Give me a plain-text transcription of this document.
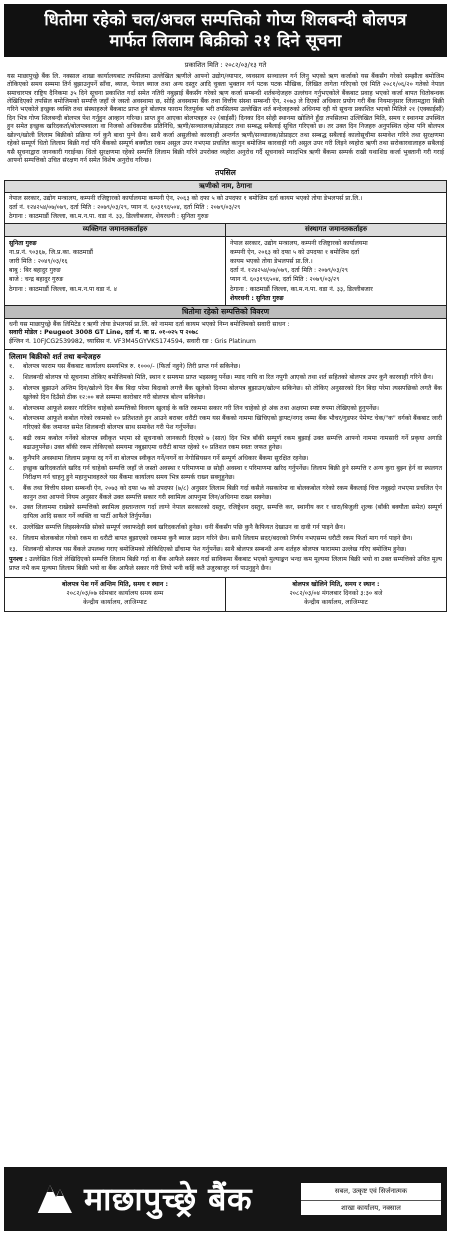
धितोमा रहेको चल/अचल सम्पत्तिको गोप्य शिलबन्दी बोलपत्र
मार्फत लिलाम बिक्रीको २१ दिने सूचना
प्रकाशित मिति : २०८२/०३/१३ गते
यस माछापुच्छ्रे बैंक लि. नक्साल शाखा कार्यालयबाट तपसिलमा उल्लेखित ऋणीले आफ्नो उद्योग/व्यापार, व्यवसाय सञ्चालन गर्न लिनु भएको ऋण कर्जाको यस बैंकसँग गरेको सम्झौता बमोजिम तोकिएको समय सम्ममा तिर्न बुझाउनुपर्ने साँवा, ब्याज, पेनाल ब्याज तथा अन्य दस्तुर आदि चुक्ता भुक्तान गर्न पटक पटक मौखिक, लिखित तागेता गरिएको एवं मिति २०८१/०६/२० गतेको नेपाल समाचारपत्र राष्ट्रिय दैनिकमा ३५ दिने सूचना प्रकाशित गर्दा समेत नतिरी नबुझाई बैंकसँग गरेको ऋण कर्जा सम्बन्धी शर्तबन्देजहरु उल्लंघन गर्नुभएकोले बैंकबाट प्रवाह भएको कर्जा बापत धितोबन्धक लेखिदिएको तपसिल बमोजिमको सम्पत्ति जहाँ जे जस्तो अवस्थामा छ, सोहि अवस्थामा बैंक तथा वित्तीय संस्था सम्बन्धी ऐन, २०७३ ले दिएको अधिकार प्रयोग गरी बैंक नियमानुसार लिलामद्वारा बिक्री गरिने भएकोले इच्छुक व्यक्ति तथा संस्थाहरुले बैंकबाट प्राप्त हुने बोलपत्र फाराम रितपूर्वक भरी तपसिलमा उल्लेखित शर्त बन्देजहरुको अधिनमा रही यो सूचना प्रकाशित भएको मितिले २१ (एक्काईसौं) दिन भित्र गोप्य शिलबन्दी बोलपत्र पेश गर्नुहुन आव्हान गरिन्छ। प्राप्त हुन आएका बोलपत्रहरु २२ (बाईसौं) दिनका दिन सोही स्थानमा खोलिने हुँदा तपसिलमा उल्लिखित मिति, समय र स्थानमा उपस्थित हुन समेत इच्छुक खरिदकर्ता/बोलपत्रवाला वा निजको अधिकारीक प्रतिनिधि, ऋणी/सञ्चालक/प्रोप्राइटर तथा सम्बद्ध सबैलाई सूचित गरिएको छ। तर उक्त दिन निजहरु अनुपस्थित रहेमा पनि बोलपत्र खोल्न/खोली लिलाम बिक्रीको प्रक्रिया गर्न कुनै बाधा पुग्ने छैन। साथै कर्जा असुलीको कारवाही अन्तर्गत ऋणी/सञ्चालक/प्रोप्राइटर तथा सम्बद्ध सबैलाई कालोसूचीमा समावेश गरिने तथा सुरक्षणमा रहेको सम्पूर्ण धितो लिलाम बिक्री गर्दा पनि बैंकको सम्पूर्ण बक्यौता रकम असुल उपर नभएमा प्रचलित कानुन बमोजिम कारवाही गरी असुल उपर गरी लिइने व्यहोरा ऋणी तथा सरोकारवालाहरु सबैलाई यसै सूचनाद्वारा जानकारी गराईन्छ। धितो सुरक्षणमा रहेको सम्पत्ति लिलाम बिक्री गरिने उपरोक्त व्यहोरा अनुरोध गर्दै सूचनाको म्यादभित्र ऋणी बैंकमा सम्पर्क राखी यथाशिघ्र कर्जा भुक्तानी गरी गराई आफ्नो सम्पत्तिको उचित संरक्षण गर्न समेत विशेष अनुरोध गरिन्छ।
तपसिल
ऋणीको नाम, ठेगाना
नेपाल सरकार, उद्योग मन्त्रालय, कम्पनी रजिष्ट्रारको कार्यालयमा कम्पनी ऐन, २०६३ को दफा ५ को उपदफा १ बमोजिम दर्ता कायम भएको तोया डेभलपर्स प्रा.लि.।
दर्ता नं. १२४२५४/०७/०७९, दर्ता मिति : २०७९/०३/२९, प्यान नं. ६०३१९६५०४, दर्ता मिति : २०७९/०३/२९
ठेगाना : काठमाडौं जिल्ला, का.म.न.पा. वडा नं. ३३, डिल्लीबजार, शेयरधनी : सुनिता गुरुङ
व्यक्तिगत जमानतकर्ताहरु
सुनिता गुरुङ
ना.प्र.नं. ९०३६७, जि.प्र.का. काठमाडौं
जारी मिति : २०४९/०३/१६
बाबु : बिर बहादुर गुरुङ
बाजे : चन्द्र बहादुर गुरुङ
ठेगाना : काठमाडौं जिल्ला, का.म.न.पा वडा नं. ४
संस्थागत जमानतकर्ताहरु
नेपाल सरकार, उद्योग मन्त्रालय, कम्पनी रजिष्ट्रारको कार्यालयमा
कम्पनी ऐन, २०६३ को दफा ५ को उपदफा १ बमोजिम दर्ता
कायम भएको तोया डेभलपर्स प्रा.लि.।
दर्ता नं. १२४२५४/०७/०७९, दर्ता मिति : २०७९/०३/२९
प्यान नं. ६०३१९६५०४, दर्ता मिति : २०७९/०३/२९
ठेगाना : काठमाडौं जिल्ला, का.म.न.पा. वडा नं. ३३, डिल्लीबजार
शेयरधनी : सुनिता गुरुङ
धितोमा रहेको सम्पत्तिको विवरण
धनी यस माछापुच्छ्रे बैंक लिमिटेड र ऋणी तोया डेभलपर्स प्रा.लि. को नाममा दर्ता कायम भएको निम्न बमोजिमको सवारी साधन :
सवारी मोडेल : Peugeot 3008 GT Line, दर्ता नं. बा प्र. ०१-०२५ प २०७८
ईन्जिन नं. 10FJCG2539982, च्यासिस नं. VF3M45GYVKS174594, सवारी रङ : Gris Platinum
लिलाम बिक्रीको शर्त तथा बन्देजहरु
१.	बोलपत्र फाराम यस बैंकबाट कार्यालय समयभित्र रु. १०००/- (फिर्ता नहुने) तिरी प्राप्त गर्न सकिनेछ।
२.	शिलबन्दी बोलपत्र यो सूचनामा तोकिए बमोजिमको मिति, स्थान र समयमा प्राप्त भइसक्नु पर्नेछ। म्याद नाघि वा रित नपुगी आएको तथा शर्त सहितको बोलपत्र उपर कुनै कारवाही गरिने छैन।
३.	बोलपत्र बुझाउने अन्तिम दिन/खोल्ने दिन बैंक बिदा परेमा बिदाको लगत्तै बैंक खुलेको दिनमा बोलपत्र बुझाउन/खोल्न सकिनेछ। सो तोकिए अनुसारको दिन बिदा परेमा त्यसपछिको लगतै बैंक खुलेको दिन दिउँसो ठीक १२:०० बजे सम्ममा कारोबार गरी बोलपत्र बोल्न सकिनेछ।
४.	बोलपत्रमा आफूले सकार गरिलिन चाहेको सम्पत्तिको विवरण खुलाई के कति रकममा सकार गरी लिन चाहेको हो अंक तथा अक्षरमा स्पष्ट रुपमा लेखिएको हुनुपर्नेछ।
५.	बोलपत्रमा आफूले कबोल गरेको रकमको १० प्रतिशतले हुन आउने बराबर धरौटी रकम यस बैंकको नाममा खिचिएको ड्राफ्ट/नगद जम्मा बैंक भौचर/गुडफर पेमेण्ट चेक/"क" वर्गको बैंकबाट जारी गरिएको बैंक जमानत समेत शिलबन्दी बोलपत्र साथ समावेश गरी पेश गर्नुपर्नेछ।
६.	बढी रकम कबोल गर्नेको बोलपत्र स्वीकृत भएमा सो सूचनाको जानकारी दिएको ७ (सात) दिन भित्र बाँकी सम्पूर्ण रकम बुझाई उक्त सम्पत्ति आफ्नो नाममा नामसारी गर्ने प्रकृया अगाडि बढाउनुपर्नेछ। उक्त बाँकी रकम तोकिएको समयमा नबुझाएमा धरौटी बापत रहेको १० प्रतिशत रकम स्वतः जफत हुनेछ।
७.	कुनैपनि अवस्थामा लिलाम प्रकृया रद्द गर्ने वा बोलपत्र स्वीकृत गर्ने/नगर्ने वा नेगोसियसन गर्ने सम्पूर्ण अधिकार बैंकमा सुरक्षित रहनेछ।
८.	इच्छुक खरिदकर्ताले खरिद गर्न चाहेको सम्पत्ति जहाँ जे जस्तो अवस्था र परिमाणमा छ सोही अवस्था र परिमाणमा खरिद गर्नुपर्नेछ। लिलाम बिक्री हुने सम्पत्ति र अन्य कुरा बुझ्न हेर्न वा स्थलगत निरीक्षण गर्न चाहनु हुने महानुभावहरुले यस बैंकमा कार्यालय समय भित्र सम्पर्क राख्न सक्नुहुनेछ।
९.	बैंक तथा वित्तीय संस्था सम्बन्धी ऐन, २०७३ को दफा ५७ को उपदफा (७/८) अनुसार लिलाम बिक्री गर्दा कसैले नसकारेमा वा बोलकबोल गरेको रकम बैंकलाई चित्त नबुझ्दो नभएमा प्रचलित ऐन कानुन तथा आफ्नो नियम अनुसार बैंकले उक्त सम्पत्ति सकार गरी स्वामित्व आफ्नुमा लिन/अधिनमा राख्न सक्नेछ।
१०. उक्त लिलाममा राखेको सम्पत्तिको स्वामित्व हस्तान्तरण गर्दा लाग्ने नेपाल सरकारको दस्तुर, रजिष्ट्रेशन दस्तुर, सम्पत्ति कर, स्थानीय कर र धारा/बिजुली शुल्क (बाँकी बक्यौता समेत) सम्पूर्ण दायित्व आदि सकार गर्ने व्यक्ति वा पार्टी आफैले तिर्नुपर्नेछ।
११. उल्लेखित सम्पत्ति लिइसकेपछि सोको सम्पूर्ण जवाफदेही स्वयं खरिदकर्ताको हुनेछ। धनी बैंकसँग पछि कुनै कैफियत देखाउन वा दावी गर्न पाइने छैन।
१२. लिलाम बोलकबोल गरेको रकम वा धरौटी बापत बुझाएको रकममा कुनै ब्याज प्रदान गरिने छैन। साथै लिलाम सदर/बदरको निर्णय नभएसम्म धरौटी रकम फिर्ता माग गर्न पाइने छैन।
१३. शिलबन्दी बोलपत्र यस बैंकले उपलब्ध गराए बमोजिमको तोकिदिएको ढाँचामा पेश गर्नुपर्नेछ। साथै बोलपत्र सम्बन्धी अन्य शर्तहरु बोलपत्र फाराममा उल्लेख गरिए बमोजिम हुनेछ।
पुनश्च : उल्लेखित धितो लेखिदिएको सम्पत्ति लिलाम बिक्री गर्दा वा बैंक आफैले सकार गर्दा साविकमा बैंकबाट भएको मुल्याङ्कन भन्दा कम मूल्यमा लिलाम बिक्री भयो वा उक्त सम्पत्तिको उचित मूल्य प्राप्त नभै कम मूल्यमा लिलाम बिक्री भयो वा बैंक आफैले सकार गरी लियो भनी कहिं कतै उजुरबाजुर गर्न पाउनुहुने छैन।
बोलपत्र पेश गर्ने अन्तिम मिति, समय र स्थान :
२०८२/०३/०७ सोमबार कार्यालय समय सम्म
केन्द्रीय कार्यालय, लाजिम्पाट
बोलपत्र खोलिने मिति, समय र स्थान :
२०८२/०३/०४ मंगलबार दिनको ३:३० बजे
केन्द्रीय कार्यालय, लाजिम्पाट
माछापुच्छ्रे बैंक	सबल, उत्कृष्ट एवं सिर्जनात्मक
शाखा कार्यालय, नक्साल
